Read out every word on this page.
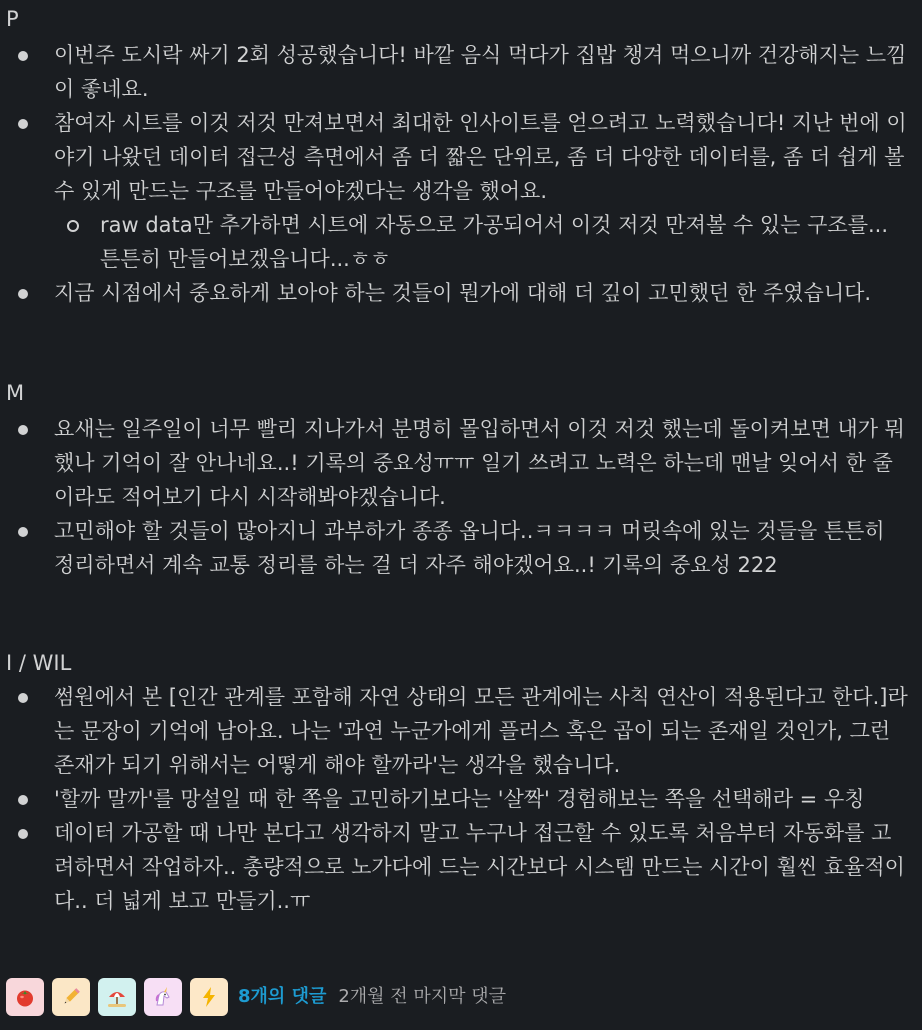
P
이번주 도시락 싸기 2회 성공했습니다! 바깥 음식 먹다가 집밥 챙겨 먹으니까 건강해지는 느낌이 좋네요.
참여자 시트를 이것 저것 만져보면서 최대한 인사이트를 얻으려고 노력했습니다! 지난 번에 이야기 나왔던 데이터 접근성 측면에서 좀 더 짧은 단위로, 좀 더 다양한 데이터를, 좀 더 쉽게 볼 수 있게 만드는 구조를 만들어야겠다는 생각을 했어요.
raw data만 추가하면 시트에 자동으로 가공되어서 이것 저것 만져볼 수 있는 구조를...튼튼히 만들어보겠읍니다...ㅎㅎ
지금 시점에서 중요하게 보아야 하는 것들이 뭔가에 대해 더 깊이 고민했던 한 주였습니다.
M
요새는 일주일이 너무 빨리 지나가서 분명히 몰입하면서 이것 저것 했는데 돌이켜보면 내가 뭐했나 기억이 잘 안나네요..! 기록의 중요성ㅠㅠ 일기 쓰려고 노력은 하는데 맨날 잊어서 한 줄이라도 적어보기 다시 시작해봐야겠습니다.
고민해야 할 것들이 많아지니 과부하가 종종 옵니다..ㅋㅋㅋㅋ 머릿속에 있는 것들을 튼튼히 정리하면서 계속 교통 정리를 하는 걸 더 자주 해야겠어요..! 기록의 중요성 222
I / WIL
썸원에서 본 [인간 관계를 포함해 자연 상태의 모든 관계에는 사칙 연산이 적용된다고 한다.]라는 문장이 기억에 남아요. 나는 '과연 누군가에게 플러스 혹은 곱이 되는 존재일 것인가, 그런 존재가 되기 위해서는 어떻게 해야 할까라'는 생각을 했습니다.
'할까 말까'를 망설일 때 한 쪽을 고민하기보다는 '살짝' 경험해보는 쪽을 선택해라 = 우칭
데이터 가공할 때 나만 본다고 생각하지 말고 누구나 접근할 수 있도록 처음부터 자동화를 고려하면서 작업하자.. 총량적으로 노가다에 드는 시간보다 시스템 만드는 시간이 훨씬 효율적이다.. 더 넓게 보고 만들기..ㅠ
8개의 댓글 2개월 전 마지막 댓글
